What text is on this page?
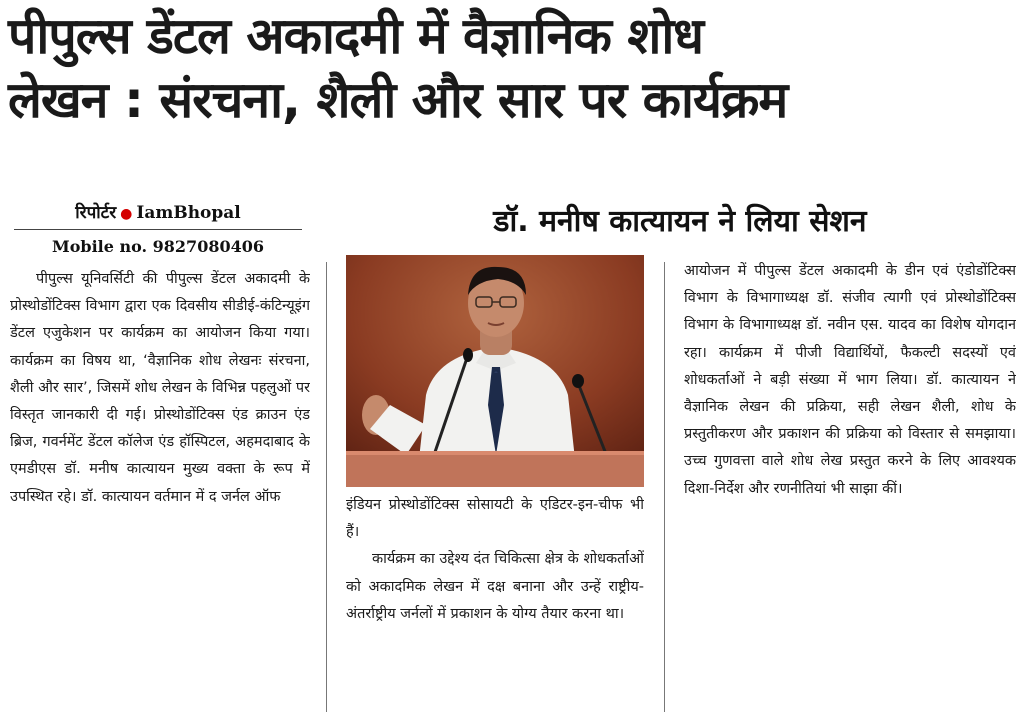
पीपुल्स डेंटल अकादमी में वैज्ञानिक शोध
लेखन : संरचना, शैली और सार पर कार्यक्रम
रिपोर्टर ● IamBhopal
Mobile no. 9827080406
डॉ. मनीष कात्यायन ने लिया सेशन

पीपुल्स यूनिवर्सिटी की पीपुल्स डेंटल अकादमी के प्रोस्थोडोंटिक्स विभाग द्वारा एक दिवसीय सीडीई-कंटिन्यूइंग डेंटल एजुकेशन पर कार्यक्रम का आयोजन किया गया। कार्यक्रम का विषय था, ‘वैज्ञानिक शोध लेखनः संरचना, शैली और सार’, जिसमें शोध लेखन के विभिन्न पहलुओं पर विस्तृत जानकारी दी गई। प्रोस्थोडोंटिक्स एंड क्राउन एंड ब्रिज, गवर्नमेंट डेंटल कॉलेज एंड हॉस्पिटल, अहमदाबाद के एमडीएस डॉ. मनीष कात्यायन मुख्य वक्ता के रूप में उपस्थित रहे। डॉ. कात्यायन वर्तमान में द जर्नल ऑफ

इंडियन प्रोस्थोडोंटिक्स सोसायटी के एडिटर-इन-चीफ भी हैं।

कार्यक्रम का उद्देश्य दंत चिकित्सा क्षेत्र के शोधकर्ताओं को अकादमिक लेखन में दक्ष बनाना और उन्हें राष्ट्रीय-अंतर्राष्ट्रीय जर्नलों में प्रकाशन के योग्य तैयार करना था।

आयोजन में पीपुल्स डेंटल अकादमी के डीन एवं एंडोडोंटिक्स विभाग के विभागाध्यक्ष डॉ. संजीव त्यागी एवं प्रोस्थोडोंटिक्स विभाग के विभागाध्यक्ष डॉ. नवीन एस. यादव का विशेष योगदान रहा। कार्यक्रम में पीजी विद्यार्थियों, फैकल्टी सदस्यों एवं शोधकर्ताओं ने बड़ी संख्या में भाग लिया। डॉ. कात्यायन ने वैज्ञानिक लेखन की प्रक्रिया, सही लेखन शैली, शोध के प्रस्तुतीकरण और प्रकाशन की प्रक्रिया को विस्तार से समझाया। उच्च गुणवत्ता वाले शोध लेख प्रस्तुत करने के लिए आवश्यक दिशा-निर्देश और रणनीतियां भी साझा कीं।
